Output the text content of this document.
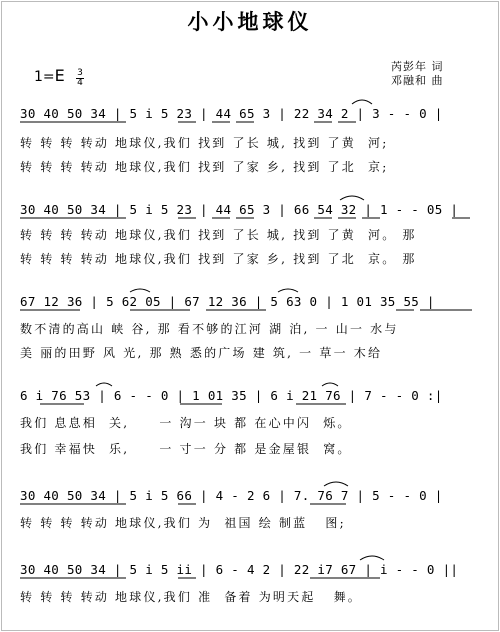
小小地球仪
芮彭年 词
邓融和 曲
1=E 3
4
30 40 50 34 | 5 i 5 23 | 44 65 3 | 22 34 2 | 3 - - 0 |
转 转 转 转动 地球仪,我们 找到 了长 城, 找到 了黄  河;
转 转 转 转动 地球仪,我们 找到 了家 乡, 找到 了北  京;
30 40 50 34 | 5 i 5 23 | 44 65 3 | 66 54 32 | 1 - - 05 |
转 转 转 转动 地球仪,我们 找到 了长 城, 找到 了黄  河。 那
转 转 转 转动 地球仪,我们 找到 了家 乡, 找到 了北  京。 那
67 12 36 | 5 62 05 | 67 12 36 | 5 63 0 | 1 01 35 55 |
数不清的高山 峡 谷, 那 看不够的江河 湖 泊, 一 山一 水与
美 丽的田野 风 光, 那 熟 悉的广场 建 筑, 一 草一 木给
6 i 76 53 | 6 - - 0 | 1 01 35 | 6 i 21 76 | 7 - - 0 :|
我们 息息相  关,     一 沟一 块 都 在心中闪  烁。
我们 幸福快  乐,     一 寸一 分 都 是金屋银  窝。
30 40 50 34 | 5 i 5 66 | 4 - 2 6 | 7. 76 7 | 5 - - 0 |
转 转 转 转动 地球仪,我们 为  祖国 绘 制蓝   图;
30 40 50 34 | 5 i 5 ii | 6 - 4 2 | 22 i7 67 | i - - 0 ||
转 转 转 转动 地球仪,我们 准  备着 为明天起   舞。
